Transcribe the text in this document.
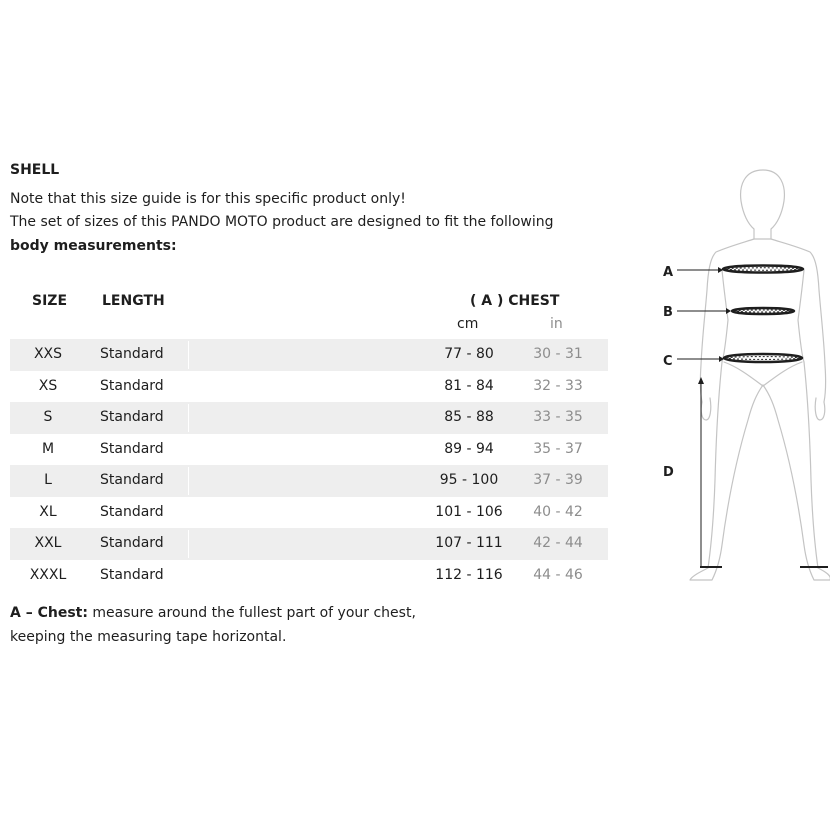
SHELL
Note that this size guide is for this specific product only!
The set of sizes of this PANDO MOTO product are designed to fit the following
body measurements:
SIZE LENGTH	( A ) CHEST
cm	in
XXS	Standard	77 - 80	30 - 31
XS	Standard	81 - 84	32 - 33
S	Standard	85 - 88	33 - 35
M	Standard	89 - 94	35 - 37
L	Standard	95 - 100	37 - 39
XL	Standard	101 - 106	40 - 42
XXL	Standard	107 - 111	42 - 44
XXXL	Standard	112 - 116	44 - 46
A – Chest: measure around the fullest part of your chest,
keeping the measuring tape horizontal.
A
B
C
D
